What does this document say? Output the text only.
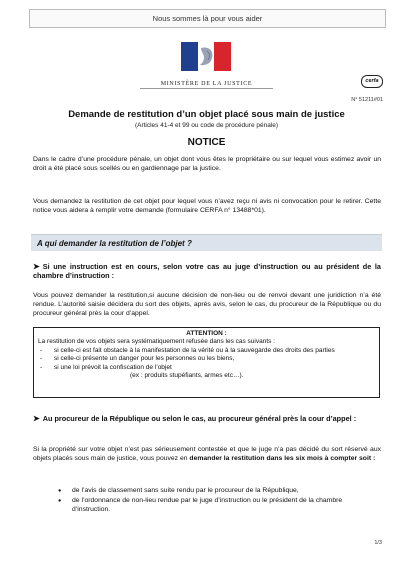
Nous sommes là pour vous aider
MINISTÈRE DE LA JUSTICE	cerfa
N° 51211#01
Demande de restitution d’un objet placé sous main de justice
(Articles 41-4 et 99 ou code de procédure pénale)
NOTICE

Dans le cadre d’une procédure pénale, un objet dont vous êtes le propriétaire ou sur lequel vous estimez avoir un droit a été placé sous scellés ou en gardiennage par la justice.

Vous demandez la restitution de cet objet pour lequel vous n’avez reçu ni avis ni convocation pour le retirer. Cette notice vous aidera à remplir votre demande (formulaire CERFA n° 13488*01).

A qui demander la restitution de l’objet ?
➤ Si une instruction est en cours, selon votre cas au juge d’instruction ou au président de la chambre d’instruction :

Vous pouvez demander la restitution,si aucune décision de non-lieu ou de renvoi devant une juridiction n’a été rendue. L’autorité saisie décidera du sort des objets, après avis, selon le cas, du procureur de la République ou du procureur général près la cour d’appel.

ATTENTION :
La restitution de vos objets sera systématiquement refusée dans les cas suivants :
- si celle-ci est fait obstacle à la manifestation de la vérité ou à la sauvegarde des droits des parties
- si celle-ci présente un danger pour les personnes ou les biens,
- si une loi prévoit la confiscation de l’objet
(ex : produits stupéfiants, armes etc…).
➤ Au procureur de la République ou selon le cas, au procureur général près la cour d’appel :

Si la propriété sur votre objet n’est pas sérieusement contestée et que le juge n’a pas décidé du sort réservé aux objets placés sous main de justice, vous pouvez en demander la restitution dans les six mois à compter soit :

● de l’avis de classement sans suite rendu par le procureur de la République,
● de l’ordonnance de non-lieu rendue par le juge d’instruction ou le président de la chambre d’instruction.
1/3
